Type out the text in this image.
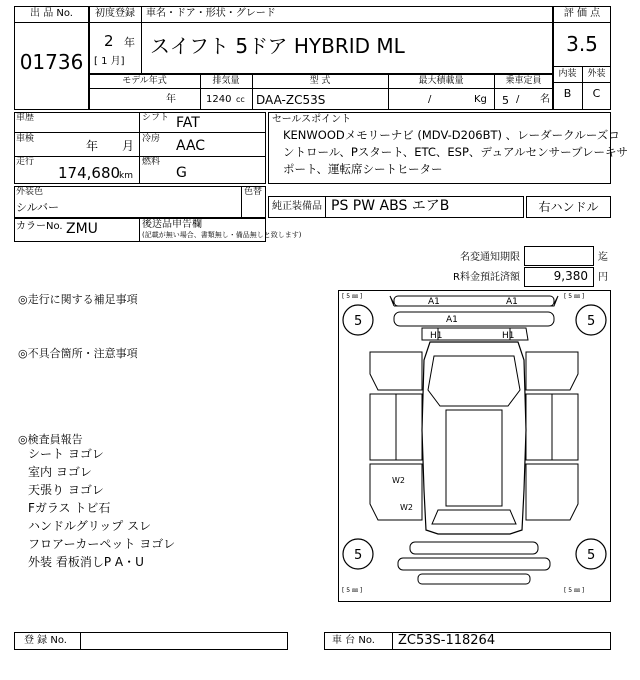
出 品 No.
01736
初度登録
2 年
[ 1 月]
車名・ドア・形状・グレード
スイフト 5ドア HYBRID ML
評 価 点
3.5
内装	外装
B	C
モデル年式
年
排気量
1240 cc
型 式
DAA-ZC53S
最大積載量
/	Kg
乗車定員
5 / 名
車歴
車検	年 月
走行
174,680
km
シフト FAT
冷房 AAC
燃料
G
セールスポイント
KENWOODメモリーナビ (MDV-D206BT) 、レーダークルーズコ
ントロール、Pスタート、ETC、ESP、デュアルセンサーブレーキサ
ポート、運転席シートヒーター
外装色
シルバー
色替
純正装備品 PS PW ABS エアB	右ハンドル
カラーNo. ZMU	後送品申告欄
(記載が無い場合、書類無し・備品無しと致します)
名変通知期限	迄
R料金預託済額	9,380 円
◎走行に関する補足事項
◎不具合箇所・注意事項
◎検査員報告
シート ヨゴレ
室内 ヨゴレ
天張り ヨゴレ
Fガラス トビ石
ハンドルグリップ スレ
フロアーカーペット ヨゴレ
外装 看板消しP A・U
[ 5 ㎜ ]	[ 5 ㎜ ]
[ 5 ㎜ ]	[ 5 ㎜ ]
5	5
5	5
A1	A1
A1
H1	H1
W2
W2
登 録 No.	車 台 No. ZC53S-118264
